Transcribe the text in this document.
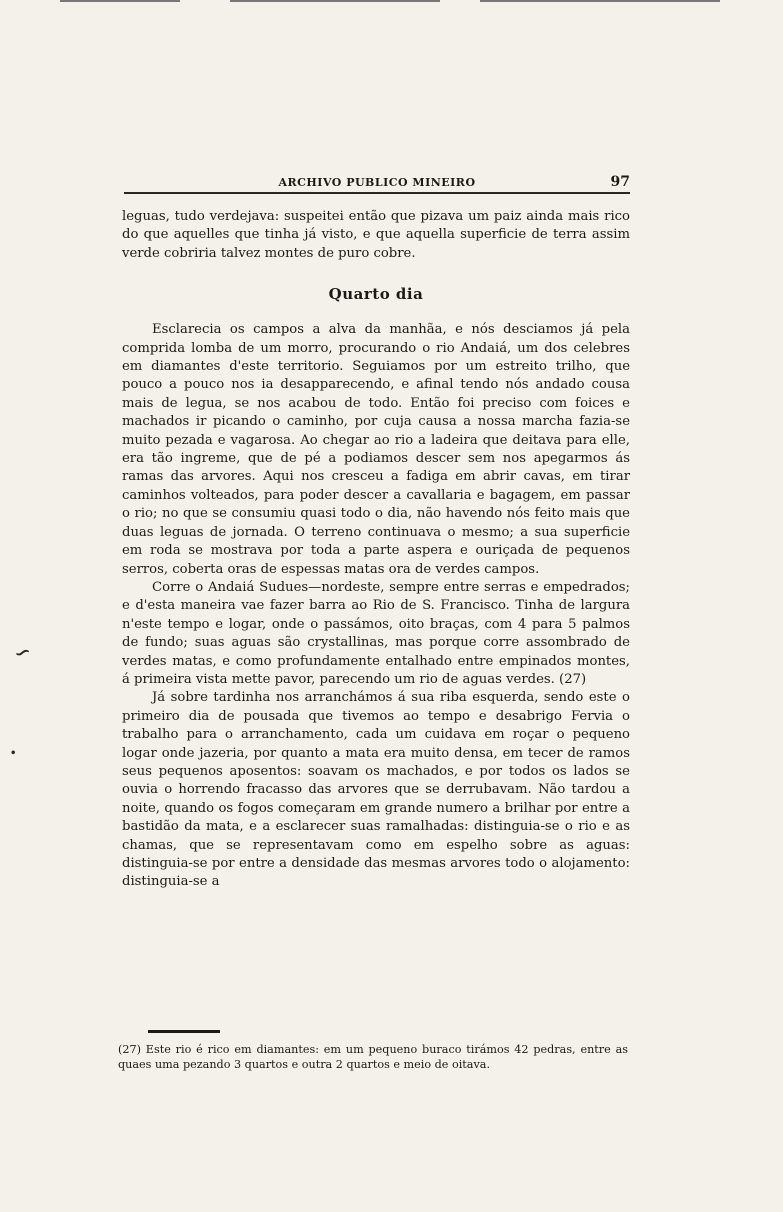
ARCHIVO PUBLICO MINEIRO	97

leguas, tudo verdejava: suspeitei então que pizava um paiz ainda mais rico do que aquelles que tinha já visto, e que aquella superficie de terra assim verde cobriria talvez montes de puro cobre.

Quarto dia

Esclarecia os campos a alva da manhãa, e nós desciamos já pela comprida lomba de um morro, procurando o rio Andaiá, um dos celebres em diamantes d'este territorio. Seguiamos por um estreito trilho, que pouco a pouco nos ia desapparecendo, e afinal tendo nós andado cousa mais de legua, se nos acabou de todo. Então foi preciso com foices e machados ir picando o caminho, por cuja causa a nossa marcha fazia-se muito pezada e vagarosa. Ao chegar ao rio a ladeira que deitava para elle, era tão ingreme, que de pé a podiamos descer sem nos apegarmos ás ramas das arvores. Aqui nos cresceu a fadiga em abrir cavas, em tirar caminhos volteados, para poder descer a cavallaria e bagagem, em passar o rio; no que se consumiu quasi todo o dia, não havendo nós feito mais que duas leguas de jornada. O terreno continuava o mesmo; a sua superficie em roda se mostrava por toda a parte aspera e ouriçada de pequenos serros, coberta oras de espessas matas ora de verdes campos.

Corre o Andaiá Sudues—nordeste, sempre entre serras e empedrados; e d'esta maneira vae fazer barra ao Rio de S. Francisco. Tinha de largura n'este tempo e logar, onde o passámos, oito braças, com 4 para 5 palmos de fundo; suas aguas são crystallinas, mas porque corre assombrado de verdes matas, e como profundamente entalhado entre empinados montes, á primeira vista mette pavor, parecendo um rio de aguas verdes. (27)

Já sobre tardinha nos arranchámos á sua riba esquerda, sendo este o primeiro dia de pousada que tivemos ao tempo e desabrigo Fervia o trabalho para o arranchamento, cada um cuidava em roçar o pequeno logar onde jazeria, por quanto a mata era muito densa, em tecer de ramos seus pequenos aposentos: soavam os machados, e por todos os lados se ouvia o horrendo fracasso das arvores que se derrubavam. Não tardou a noite, quando os fogos começaram em grande numero a brilhar por entre a bastidão da mata, e a esclarecer suas ramalhadas: distinguia-se o rio e as chamas, que se representavam como em espelho sobre as aguas: distinguia-se por entre a densidade das mesmas arvores todo o alojamento: distinguia-se a

(27) Este rio é rico em diamantes: em um pequeno buraco tirámos 42 pedras, entre as quaes uma pezando 3 quartos e outra 2 quartos e meio de oitava.
∽
•
